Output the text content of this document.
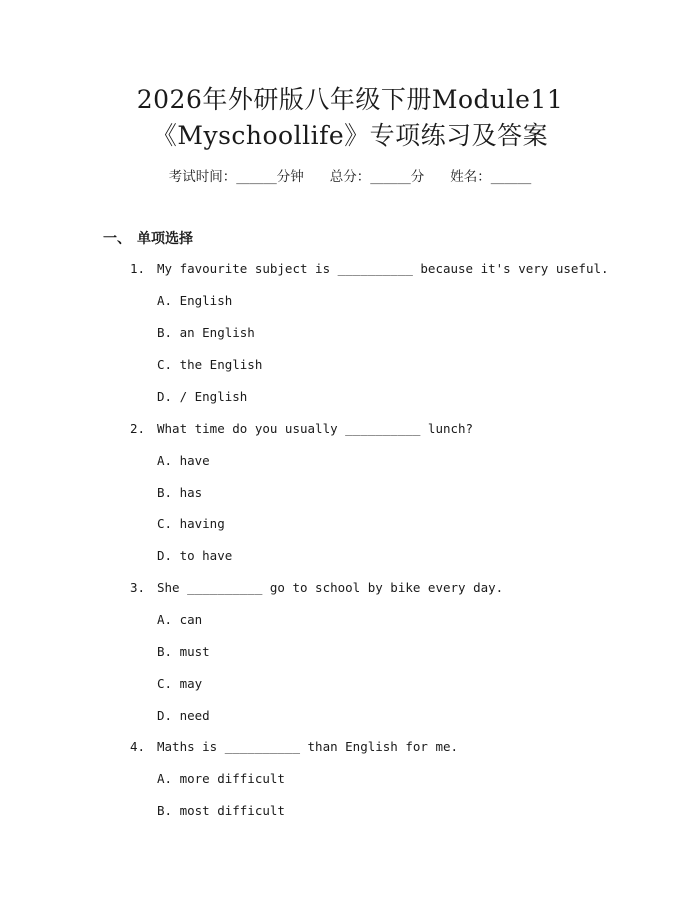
2026年外研版八年级下册Module11
《Myschoollife》专项练习及答案
考试时间：______分钟 总分：______分 姓名：______
一、 单项选择
1. My favourite subject is __________ because it's very useful.
A. English
B. an English
C. the English
D. / English
2. What time do you usually __________ lunch?
A. have
B. has
C. having
D. to have
3. She __________ go to school by bike every day.
A. can
B. must
C. may
D. need
4. Maths is __________ than English for me.
A. more difficult
B. most difficult
